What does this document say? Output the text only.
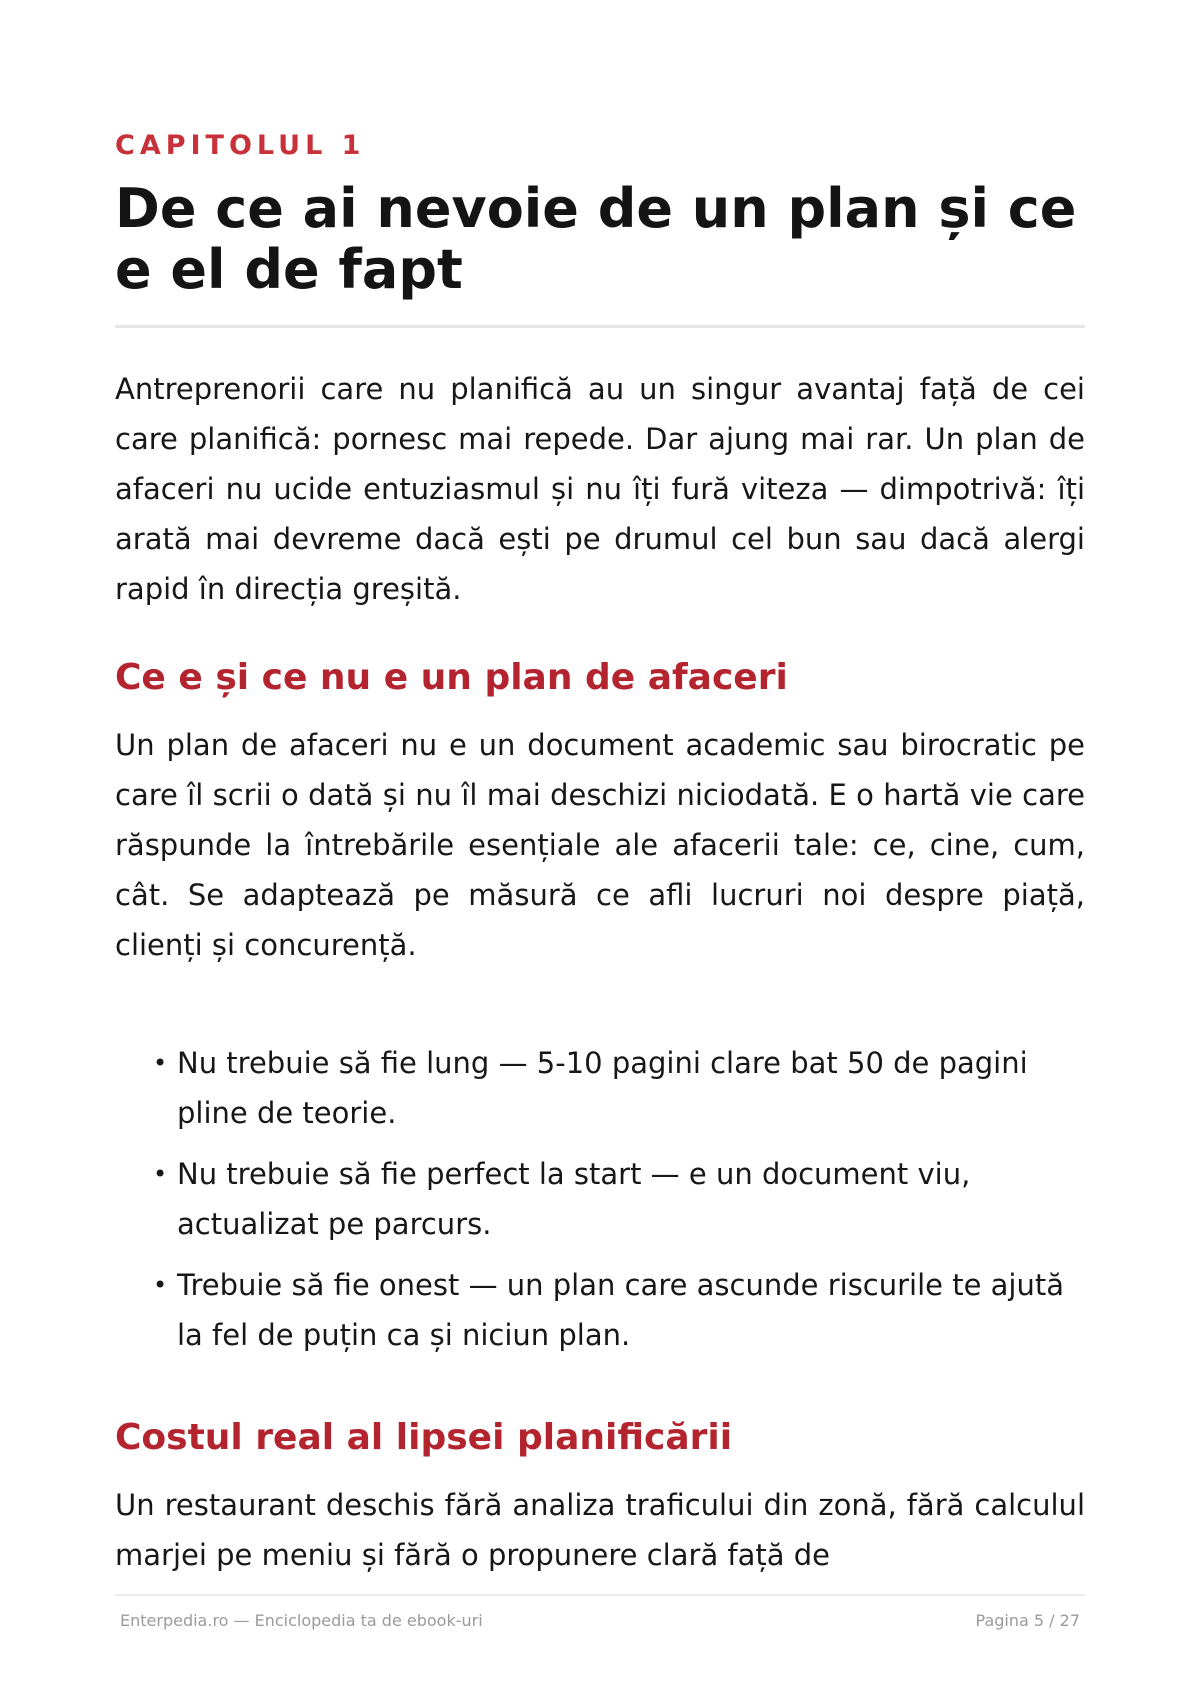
CAPITOLUL 1
De ce ai nevoie de un plan și ce e el de fapt

Antreprenorii care nu planifică au un singur avantaj față de cei care planifică: pornesc mai repede. Dar ajung mai rar. Un plan de afaceri nu ucide entuziasmul și nu îți fură viteza — dimpotrivă: îți arată mai devreme dacă ești pe drumul cel bun sau dacă alergi rapid în direcția greșită.

Ce e și ce nu e un plan de afaceri

Un plan de afaceri nu e un document academic sau birocratic pe care îl scrii o dată și nu îl mai deschizi niciodată. E o hartă vie care răspunde la întrebările esențiale ale afacerii tale: ce, cine, cum, cât. Se adaptează pe măsură ce afli lucruri noi despre piață, clienți și concurență.

• Nu trebuie să fie lung — 5-10 pagini clare bat 50 de pagini pline de teorie.
• Nu trebuie să fie perfect la start — e un document viu, actualizat pe parcurs.
• Trebuie să fie onest — un plan care ascunde riscurile te ajută la fel de puțin ca și niciun plan.
Costul real al lipsei planificării

Un restaurant deschis fără analiza traficului din zonă, fără calculul marjei pe meniu și fără o propunere clară față de

Enterpedia.ro — Enciclopedia ta de ebook-uri	Pagina 5 / 27
